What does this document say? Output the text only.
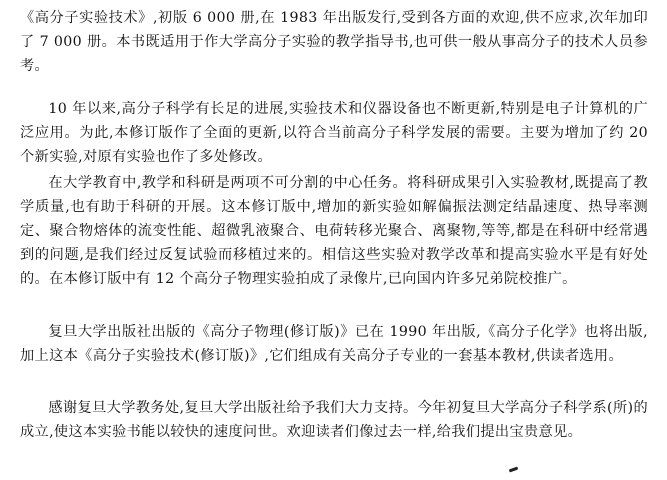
《高分子实验技术》,初版 6 000 册,在 1983 年出版发行,受到各方面的欢迎,供不应求,次年加印了 7 000 册。本书既适用于作大学高分子实验的教学指导书,也可供一般从事高分子的技术人员参考。

10 年以来,高分子科学有长足的进展,实验技术和仪器设备也不断更新,特别是电子计算机的广泛应用。为此,本修订版作了全面的更新,以符合当前高分子科学发展的需要。主要为增加了约 20 个新实验,对原有实验也作了多处修改。

在大学教育中,教学和科研是两项不可分割的中心任务。将科研成果引入实验教材,既提高了教学质量,也有助于科研的开展。这本修订版中,增加的新实验如解偏振法测定结晶速度、热导率测定、聚合物熔体的流变性能、超微乳液聚合、电荷转移光聚合、离聚物,等等,都是在科研中经常遇到的问题,是我们经过反复试验而移植过来的。相信这些实验对教学改革和提高实验水平是有好处的。在本修订版中有 12 个高分子物理实验拍成了录像片,已向国内许多兄弟院校推广。

复旦大学出版社出版的《高分子物理(修订版)》已在 1990 年出版,《高分子化学》也将出版,加上这本《高分子实验技术(修订版)》,它们组成有关高分子专业的一套基本教材,供读者选用。

感谢复旦大学教务处,复旦大学出版社给予我们大力支持。今年初复旦大学高分子科学系(所)的成立,使这本实验书能以较快的速度问世。欢迎读者们像过去一样,给我们提出宝贵意见。
